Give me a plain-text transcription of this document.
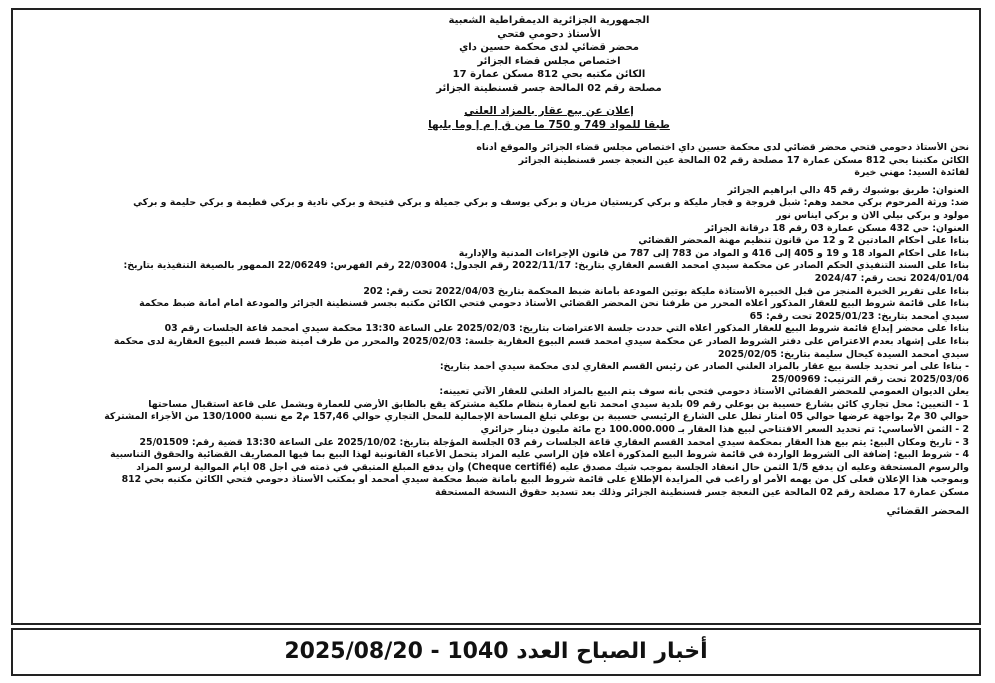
الجمهورية الجزائرية الديمقراطية الشعبية
الأستاذ دحومي فتحي
محضر قضائي لدى محكمة حسين داي
اختصاص مجلس قضاء الجزائر
الكائن مكتبه بحي 812 مسكن عمارة 17
مصلحة رقم 02 المالحة جسر قسنطينة الجزائر
إعلان عن بيع عقار بالمزاد العلني
طبقا للمواد 749 و 750 ما من ق إ م إ وما يليها
نحن الأستاذ دحومي فتحي محضر قضائي لدى محكمة حسين داي اختصاص مجلس قضاء الجزائر والموقع أدناه
الكائن مكتبنا بحي 812 مسكن عمارة 17 مصلحة رقم 02 المالحة عين النعجة جسر قسنطينة الجزائر
لفائدة السيد: مهني خيرة
العنوان: طريق بوشبوك رقم 45 دالي ابراهيم الجزائر
ضد: ورثة المرحوم بركي محمد وهم: شبل فروجة و قجار مليكة و بركي كريستيان مزيان و بركي يوسف و بركي جميلة و بركي فتيحة و بركي نادية و بركي فطيمة و بركي حليمة و بركي
مولود و بركي بيلي آلان و بركي ايناس نور
العنوان: حي 432 مسكن عمارة 03 رقم 18 درقانة الجزائر
بناءا على أحكام المادتين 2 و 12 من قانون تنظيم مهنة المحضر القضائي
بناءا على أحكام المواد 18 و 19 و 405 إلى 416 و المواد من 783 إلى 787 من قانون الإجراءات المدنية والإدارية
بناءا على السند التنفيذي الحكم الصادر عن محكمة سيدي امحمد القسم العقاري بتاريخ: 2022/11/17 رقم الجدول: 22/03004 رقم الفهرس: 22/06249 الممهور بالصيغة التنفيذية بتاريخ:
2024/01/04 تحت رقم: 2024/47
بناءا على تقرير الخبرة المنجز من قبل الخبيرة الأستاذة مليكة بوتين المودعة بأمانة ضبط المحكمة بتاريخ 2022/04/03 تحت رقم: 202
بناءا على قائمة شروط البيع للعقار المذكور أعلاه المحرر من طرفنا نحن المحضر القضائي الأستاذ دحومي فتحي الكائن مكتبه بجسر قسنطينة الجزائر والمودعة أمام أمانة ضبط محكمة
سيدي أمحمد بتاريخ: 2025/01/23 تحت رقم: 65
بناءا على محضر إيداع قائمة شروط البيع للعقار المذكور أعلاه التي حددت جلسة الاعتراضات بتاريخ: 2025/02/03 على الساعة 13:30 محكمة سيدي أمحمد قاعة الجلسات رقم 03
بناءا على إشهاد بعدم الاعتراض على دفتر الشروط الصادر عن محكمة سيدي امحمد قسم البيوع العقارية جلسة: 2025/02/03 والمحرر من طرف أمينة ضبط قسم البيوع العقارية لدى محكمة
سيدي أمحمد السيدة كيحال سليمة بتاريخ: 2025/02/05
- بناءا على أمر تحديد جلسة بيع عقار بالمزاد العلني الصادر عن رئيس القسم العقاري لدى محكمة سيدي أحمد بتاريخ:
2025/03/06 تحت رقم الترتيب: 25/00969
يعلن الديوان العمومي للمحضر القضائي الأستاذ دحومي فتحي بأنه سوف يتم البيع بالمزاد العلني للعقار الآتي تعيينه:
1 - التعيين: محل تجاري كائن بشارع حسيبة بن بوعلي رقم 09 بلدية سيدي امحمد تابع لعمارة بنظام ملكية مشتركة يقع بالطابق الأرضي للعمارة ويشمل على قاعة استقبال مساحتها
حوالي 30 م2 بواجهة عرضها حوالي 05 أمتار تطل على الشارع الرئيسي حسيبة بن بوعلي تبلغ المساحة الإجمالية للمحل التجاري حوالي 157,46 م2 مع نسبة 130/1000 من الأجزاء المشتركة
2 - الثمن الأساسي: تم تحديد السعر الافتتاحي لبيع هذا العقار بـ 100.000.000 دج مائة مليون دينار جزائري
3 - تاريخ ومكان البيع: يتم بيع هذا العقار بمحكمة سيدي أمحمد القسم العقاري قاعة الجلسات رقم 03 الجلسة المؤجلة بتاريخ: 2025/10/02 على الساعة 13:30 قضية رقم: 25/01509
4 - شروط البيع: إضافة الى الشروط الواردة في قائمة شروط البيع المذكورة أعلاه فإن الراسي عليه المزاد يتحمل الأعباء القانونية لهذا البيع بما فيها المصاريف القضائية والحقوق التناسبية
والرسوم المستحقة وعليه أن يدفع 1/5 الثمن حال انعقاد الجلسة بموجب شيك مصدق عليه (Cheque certifié) وأن يدفع المبلغ المتبقي في ذمته في أجل 08 أيام الموالية لرسو المزاد
وبموجب هذا الإعلان فعلى كل من يهمه الأمر أو راغب في المزايدة الإطلاع على قائمة شروط البيع بأمانة ضبط محكمة سيدي أمحمد أو بمكتب الأستاذ دحومي فتحي الكائن مكتبه بحي 812
مسكن عمارة 17 مصلحة رقم 02 المالحة عين النعجة جسر قسنطينة الجزائر وذلك بعد تسديد حقوق النسخة المستحقة
المحضر القضائي
أخبار الصباح العدد 1040 - 2025/08/20
